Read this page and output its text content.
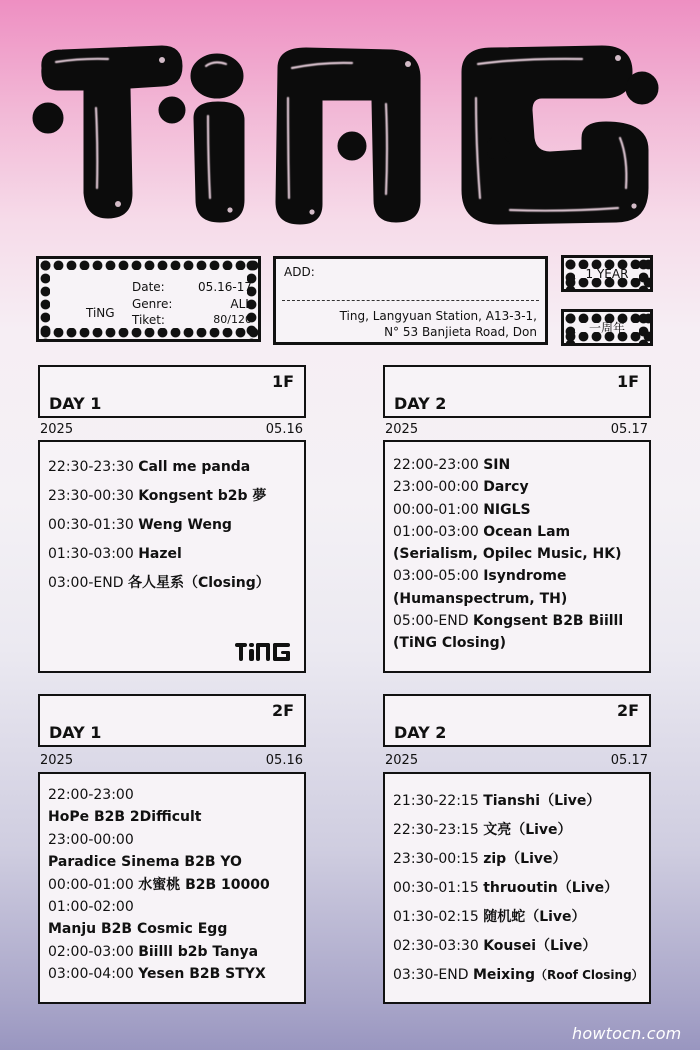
TiNG
TiNG
Date:	05.16-17
Genre:	ALL
Tiket:	80/120
ADD:
Ting, Langyuan Station, A13-3-1,
N° 53 Banjieta Road, Don
1 YEAR
一周年
1F
DAY 1
2025	05.16
22:30-23:30 Call me panda
23:30-00:30 Kongsent b2b 夢
00:30-01:30 Weng Weng
01:30-03:00 Hazel
03:00-END 各人星系（Closing）
1F
DAY 2
2025	05.17
22:00-23:00 SIN
23:00-00:00 Darcy
00:00-01:00 NIGLS
01:00-03:00 Ocean Lam
(Serialism, Opilec Music, HK)
03:00-05:00 Isyndrome
(Humanspectrum, TH)
05:00-END Kongsent B2B Biilll
(TiNG Closing)
2F
DAY 1
2025	05.16
22:00-23:00
HoPe B2B 2Difficult
23:00-00:00
Paradice Sinema B2B YO
00:00-01:00 水蜜桃 B2B 10000
01:00-02:00
Manju B2B Cosmic Egg
02:00-03:00 Biilll b2b Tanya
03:00-04:00 Yesen B2B STYX
2F
DAY 2
2025	05.17
21:30-22:15 Tianshi（Live）
22:30-23:15 文亮（Live）
23:30-00:15 zip（Live）
00:30-01:15 thruoutin（Live）
01:30-02:15 随机蛇（Live）
02:30-03:30 Kousei（Live）
03:30-END Meixing（Roof Closing）
howtocn.com
